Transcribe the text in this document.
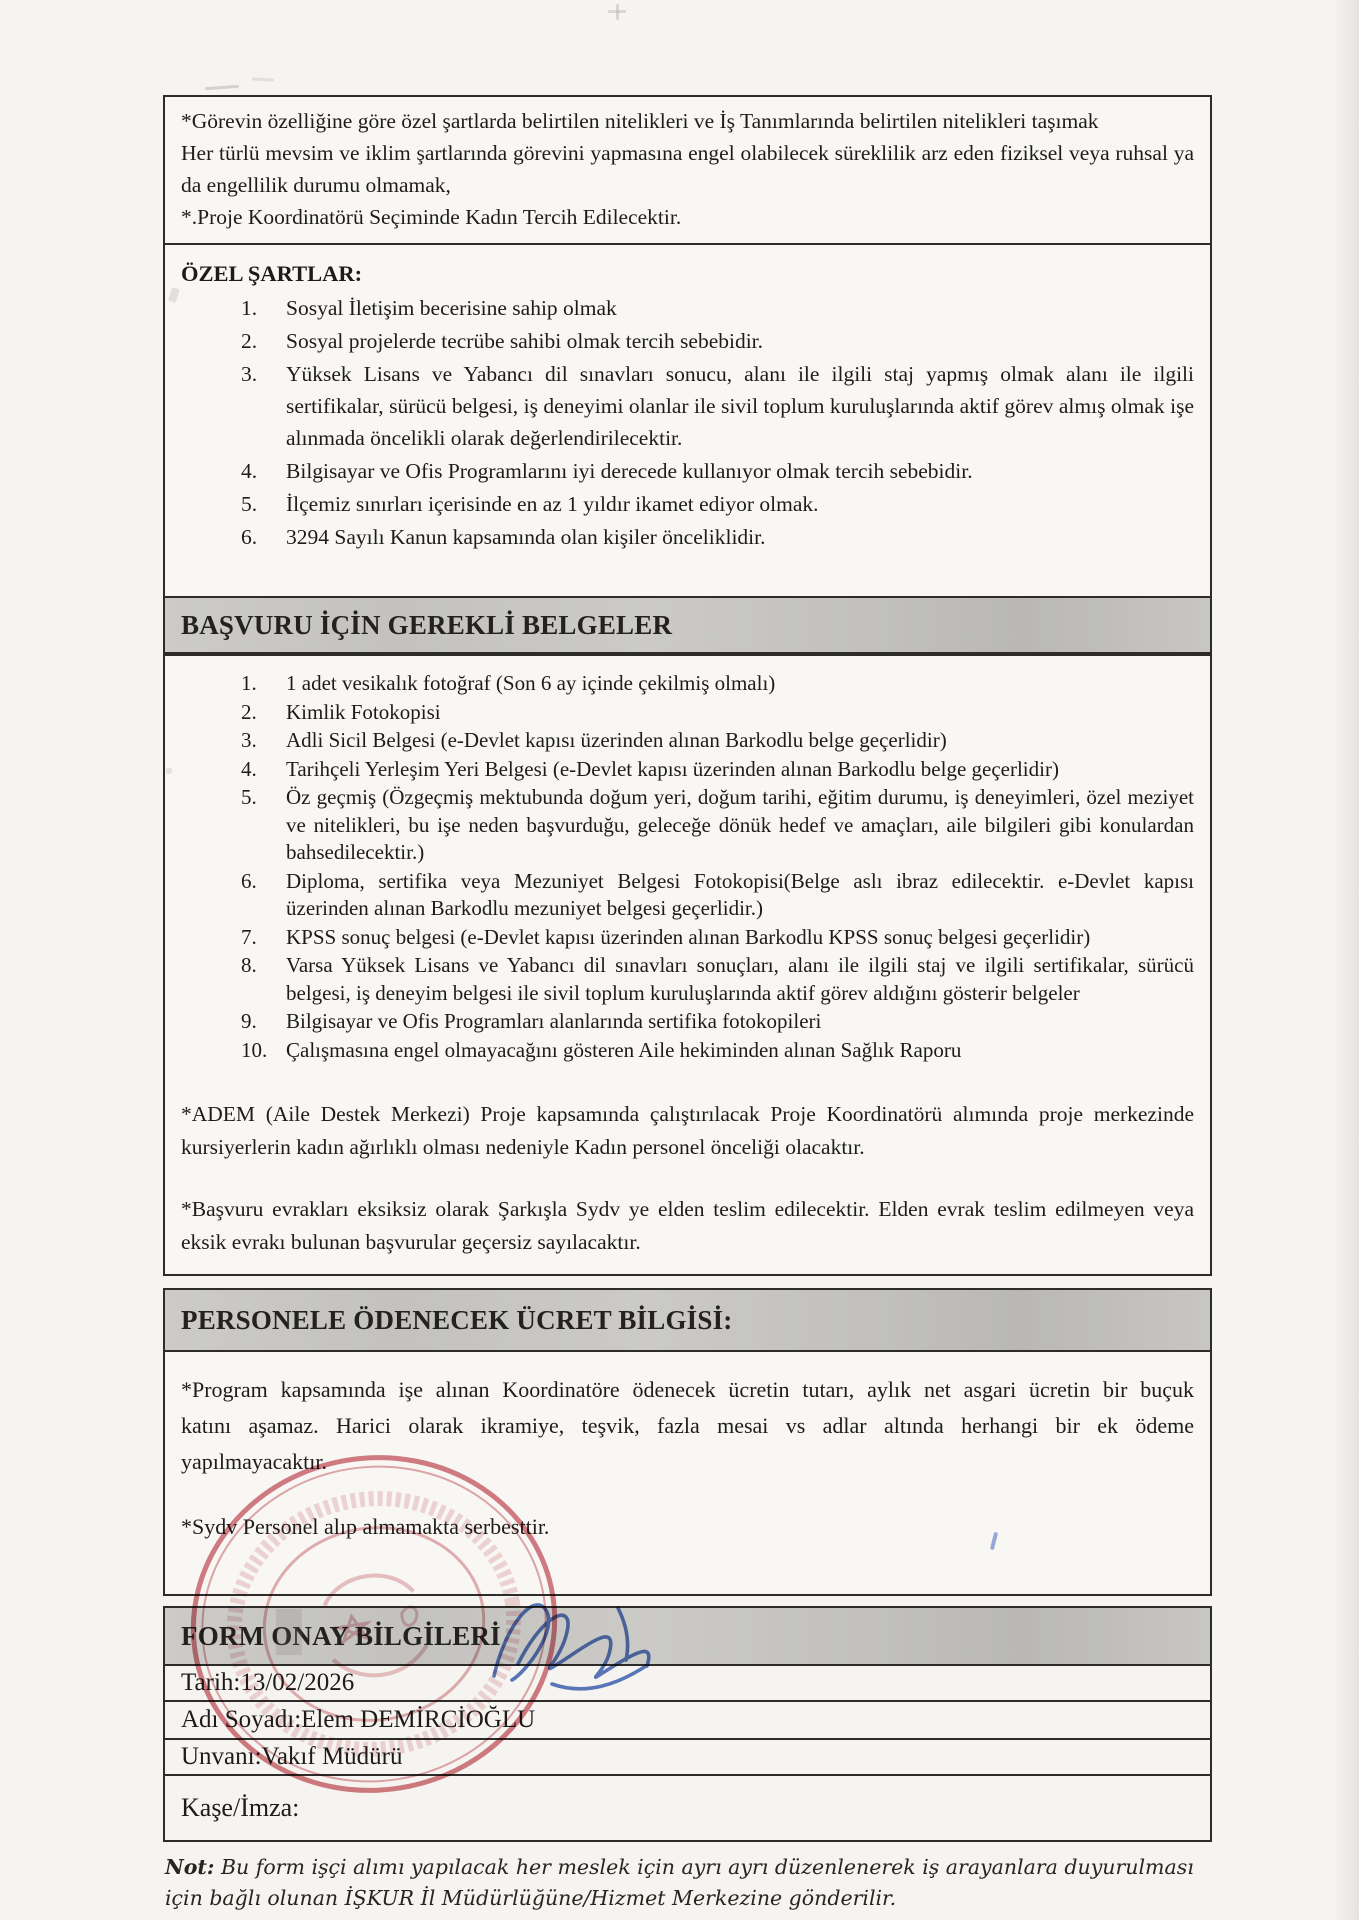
*Görevin özelliğine göre özel şartlarda belirtilen nitelikleri ve İş Tanımlarında belirtilen nitelikleri taşımak

Her türlü mevsim ve iklim şartlarında görevini yapmasına engel olabilecek süreklilik arz eden fiziksel veya ruhsal ya da engellilik durumu olmamak,

*.Proje Koordinatörü Seçiminde Kadın Tercih Edilecektir.

ÖZEL ŞARTLAR:

Sosyal İletişim becerisine sahip olmak
Sosyal projelerde tecrübe sahibi olmak tercih sebebidir.
Yüksek Lisans ve Yabancı dil sınavları sonucu, alanı ile ilgili staj yapmış olmak alanı ile ilgili sertifikalar, sürücü belgesi, iş deneyimi olanlar ile sivil toplum kuruluşlarında aktif görev almış olmak işe alınmada öncelikli olarak değerlendirilecektir.
Bilgisayar ve Ofis Programlarını iyi derecede kullanıyor olmak tercih sebebidir.
İlçemiz sınırları içerisinde en az 1 yıldır ikamet ediyor olmak.
3294 Sayılı Kanun kapsamında olan kişiler önceliklidir.
BAŞVURU İÇİN GEREKLİ BELGELER
1 adet vesikalık fotoğraf (Son 6 ay içinde çekilmiş olmalı)
Kimlik Fotokopisi
Adli Sicil Belgesi (e-Devlet kapısı üzerinden alınan Barkodlu belge geçerlidir)
Tarihçeli Yerleşim Yeri Belgesi (e-Devlet kapısı üzerinden alınan Barkodlu belge geçerlidir)
Öz geçmiş (Özgeçmiş mektubunda doğum yeri, doğum tarihi, eğitim durumu, iş deneyimleri, özel meziyet ve nitelikleri, bu işe neden başvurduğu, geleceğe dönük hedef ve amaçları, aile bilgileri gibi konulardan bahsedilecektir.)
Diploma, sertifika veya Mezuniyet Belgesi Fotokopisi(Belge aslı ibraz edilecektir. e-Devlet kapısı üzerinden alınan Barkodlu mezuniyet belgesi geçerlidir.)
KPSS sonuç belgesi (e-Devlet kapısı üzerinden alınan Barkodlu KPSS sonuç belgesi geçerlidir)
Varsa Yüksek Lisans ve Yabancı dil sınavları sonuçları, alanı ile ilgili staj ve ilgili sertifikalar, sürücü belgesi, iş deneyim belgesi ile sivil toplum kuruluşlarında aktif görev aldığını gösterir belgeler
Bilgisayar ve Ofis Programları alanlarında sertifika fotokopileri
Çalışmasına engel olmayacağını gösteren Aile hekiminden alınan Sağlık Raporu

*ADEM (Aile Destek Merkezi) Proje kapsamında çalıştırılacak Proje Koordinatörü alımında proje merkezinde kursiyerlerin kadın ağırlıklı olması nedeniyle Kadın personel önceliği olacaktır.

*Başvuru evrakları eksiksiz olarak Şarkışla Sydv ye elden teslim edilecektir. Elden evrak teslim edilmeyen veya eksik evrakı bulunan başvurular geçersiz sayılacaktır.

PERSONELE ÖDENECEK ÜCRET BİLGİSİ:

*Program kapsamında işe alınan Koordinatöre ödenecek ücretin tutarı, aylık net asgari ücretin bir buçuk katını aşamaz. Harici olarak ikramiye, teşvik, fazla mesai vs adlar altında herhangi bir ek ödeme yapılmayacaktır.

*Sydv Personel alıp almamakta serbesttir.

FORM ONAY BİLGİLERİ
Tarih: 13/02/2026
Adı Soyadı: Elem DEMİRCİOĞLU
Unvanı: Vakıf Müdürü
Kaşe/İmza:

Not: Bu form işçi alımı yapılacak her meslek için ayrı ayrı düzenlenerek iş arayanlara duyurulması için bağlı olunan İŞKUR İl Müdürlüğüne/Hizmet Merkezine gönderilir.
